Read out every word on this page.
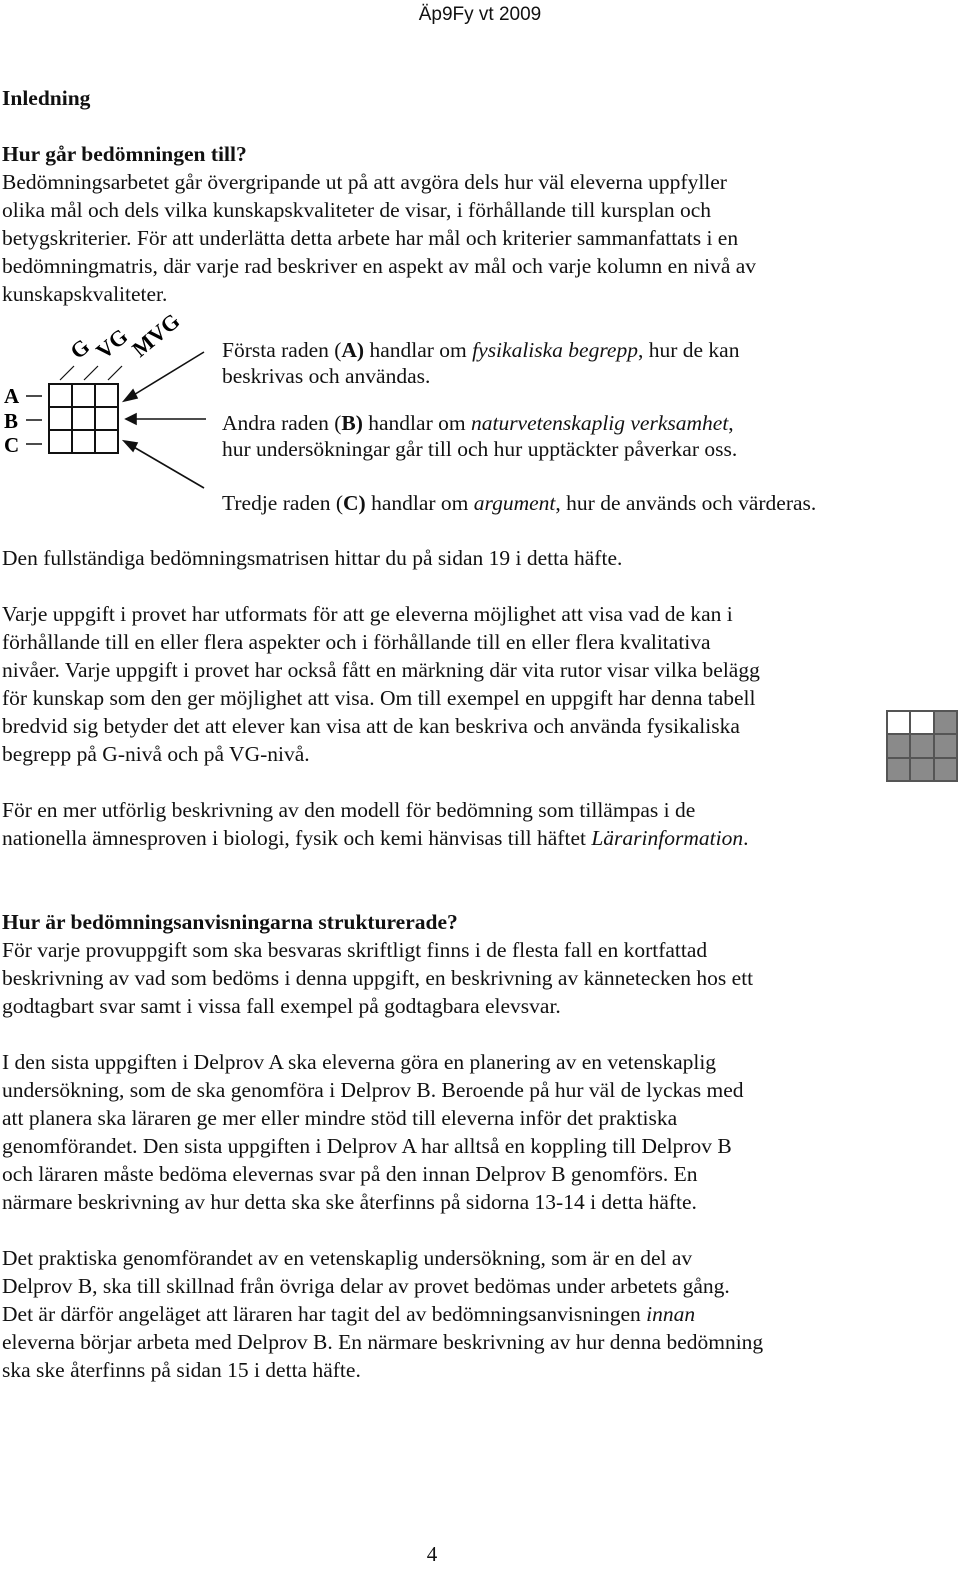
Äp9Fy vt 2009
Inledning
Hur går bedömningen till?
Bedömningsarbetet går övergripande ut på att avgöra dels hur väl eleverna uppfyller
olika mål och dels vilka kunskapskvaliteter de visar, i förhållande till kursplan och
betygskriterier. För att underlätta detta arbete har mål och kriterier sammanfattats i en
bedömningmatris, där varje rad beskriver en aspekt av mål och varje kolumn en nivå av
kunskapskvaliteter.
G
VG
MVG
A
B
C
Första raden (A) handlar om fysikaliska begrepp, hur de kan
beskrivas och användas.
Andra raden (B) handlar om naturvetenskaplig verksamhet,
hur undersökningar går till och hur upptäckter påverkar oss.
Tredje raden (C) handlar om argument, hur de används och värderas.
Den fullständiga bedömningsmatrisen hittar du på sidan 19 i detta häfte.
Varje uppgift i provet har utformats för att ge eleverna möjlighet att visa vad de kan i
förhållande till en eller flera aspekter och i förhållande till en eller flera kvalitativa
nivåer. Varje uppgift i provet har också fått en märkning där vita rutor visar vilka belägg
för kunskap som den ger möjlighet att visa. Om till exempel en uppgift har denna tabell
bredvid sig betyder det att elever kan visa att de kan beskriva och använda fysikaliska
begrepp på G-nivå och på VG-nivå.
För en mer utförlig beskrivning av den modell för bedömning som tillämpas i de
nationella ämnesproven i biologi, fysik och kemi hänvisas till häftet Lärarinformation.
Hur är bedömningsanvisningarna strukturerade?
För varje provuppgift som ska besvaras skriftligt finns i de flesta fall en kortfattad
beskrivning av vad som bedöms i denna uppgift, en beskrivning av kännetecken hos ett
godtagbart svar samt i vissa fall exempel på godtagbara elevsvar.
I den sista uppgiften i Delprov A ska eleverna göra en planering av en vetenskaplig
undersökning, som de ska genomföra i Delprov B. Beroende på hur väl de lyckas med
att planera ska läraren ge mer eller mindre stöd till eleverna inför det praktiska
genomförandet. Den sista uppgiften i Delprov A har alltså en koppling till Delprov B
och läraren måste bedöma elevernas svar på den innan Delprov B genomförs. En
närmare beskrivning av hur detta ska ske återfinns på sidorna 13-14 i detta häfte.
Det praktiska genomförandet av en vetenskaplig undersökning, som är en del av
Delprov B, ska till skillnad från övriga delar av provet bedömas under arbetets gång.
Det är därför angeläget att läraren har tagit del av bedömningsanvisningen innan
eleverna börjar arbeta med Delprov B. En närmare beskrivning av hur denna bedömning
ska ske återfinns på sidan 15 i detta häfte.
4
